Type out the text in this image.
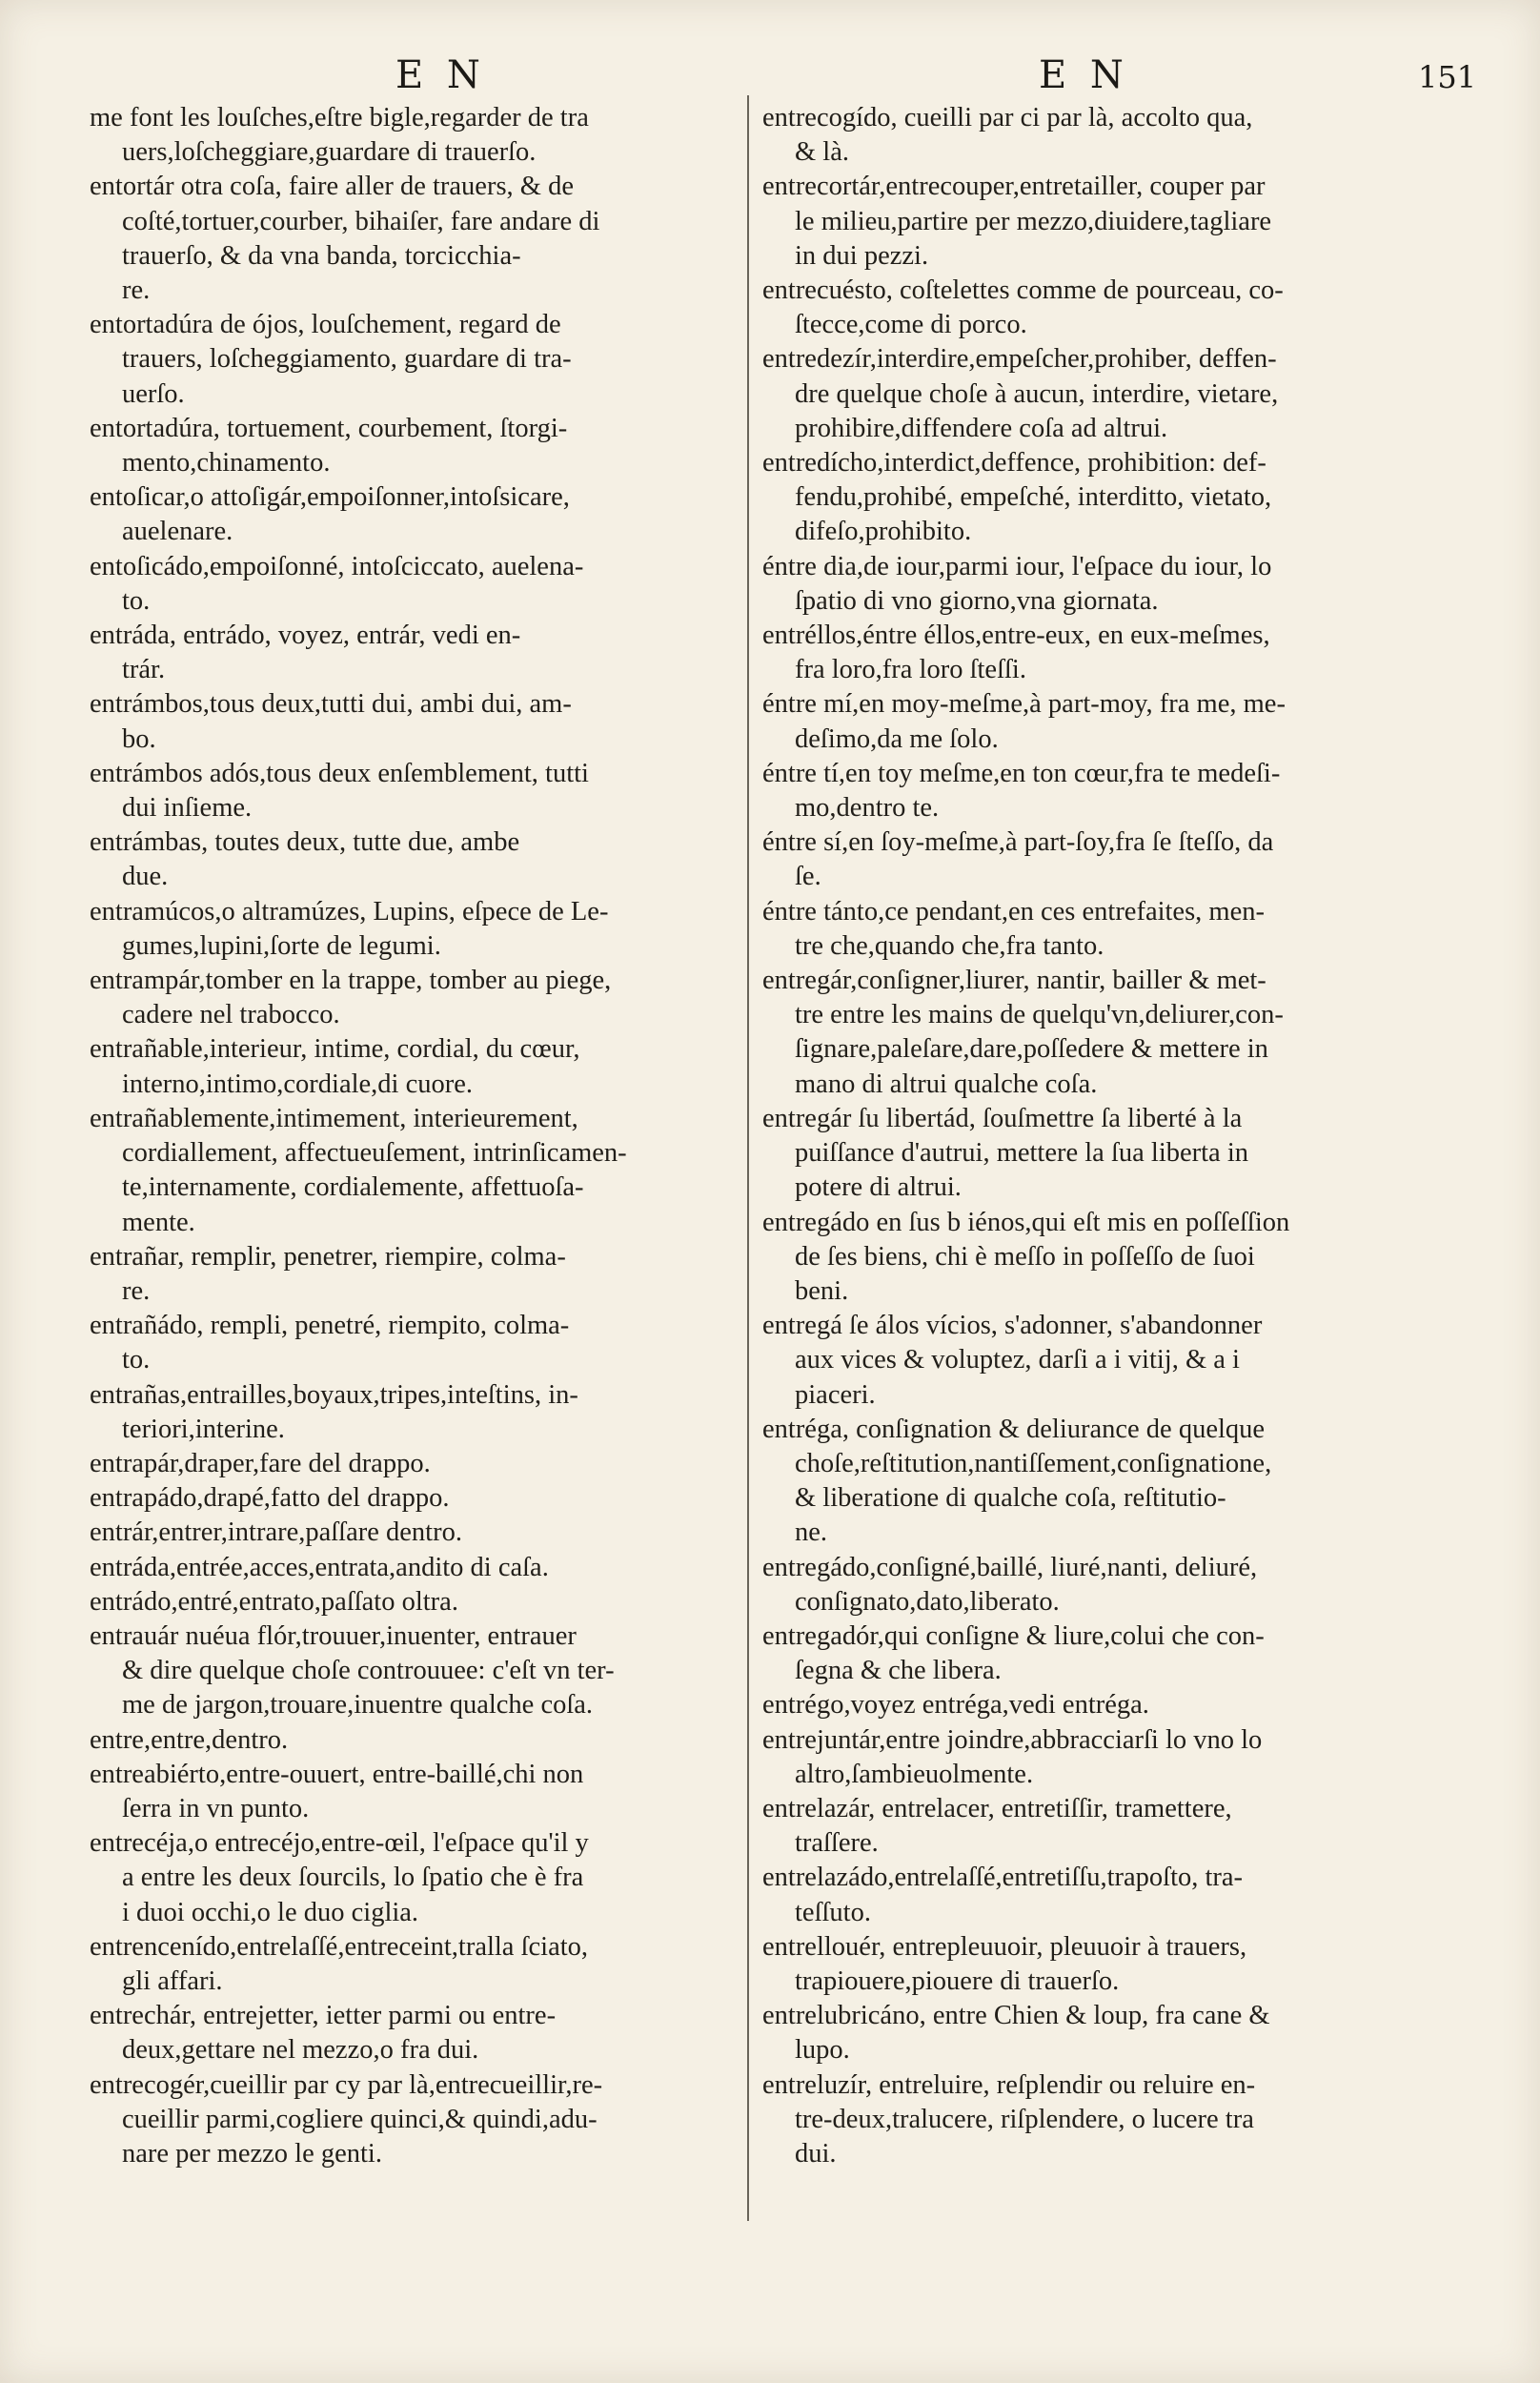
E N	E N	151
me font les louſches,eſtre bigle,regarder de tra
uers,loſcheggiare,guardare di trauerſo.
entortár otra coſa, faire aller de trauers, & de
coſté,tortuer,courber, bihaiſer, fare andare di
trauerſo, & da vna banda, torcicchia-
re.
entortadúra de ójos, louſchement, regard de
trauers, loſcheggiamento, guardare di tra-
uerſo.
entortadúra, tortuement, courbement, ſtorgi-
mento,chinamento.
entoſicar,o attoſigár,empoiſonner,intoſsicare,
auelenare.
entoſicádo,empoiſonné, intoſciccato, auelena-
to.
entráda, entrádo, voyez, entrár, vedi en-
trár.
entrámbos,tous deux,tutti dui, ambi dui, am-
bo.
entrámbos adós,tous deux enſemblement, tutti
dui inſieme.
entrámbas, toutes deux, tutte due, ambe
due.
entramúcos,o altramúzes, Lupins, eſpece de Le-
gumes,lupini,ſorte de legumi.
entrampár,tomber en la trappe, tomber au piege,
cadere nel trabocco.
entrañable,interieur, intime, cordial, du cœur,
interno,intimo,cordiale,di cuore.
entrañablemente,intimement, interieurement,
cordiallement, affectueuſement, intrinſicamen-
te,internamente, cordialemente, affettuoſa-
mente.
entrañar, remplir, penetrer, riempire, colma-
re.
entrañádo, rempli, penetré, riempito, colma-
to.
entrañas,entrailles,boyaux,tripes,inteſtins, in-
teriori,interine.
entrapár,draper,fare del drappo.
entrapádo,drapé,fatto del drappo.
entrár,entrer,intrare,paſſare dentro.
entráda,entrée,acces,entrata,andito di caſa.
entrádo,entré,entrato,paſſato oltra.
entrauár nuéua flór,trouuer,inuenter, entrauer
& dire quelque choſe controuuee: c'eſt vn ter-
me de jargon,trouare,inuentre qualche coſa.
entre,entre,dentro.
entreabiérto,entre-ouuert, entre-baillé,chi non
ſerra in vn punto.
entrecéja,o entrecéjo,entre-œil, l'eſpace qu'il y
a entre les deux ſourcils, lo ſpatio che è fra
i duoi occhi,o le duo ciglia.
entrencenído,entrelaſſé,entreceint,tralla ſciato,
gli affari.
entrechár, entrejetter, ietter parmi ou entre-
deux,gettare nel mezzo,o fra dui.
entrecogér,cueillir par cy par là,entrecueillir,re-
cueillir parmi,cogliere quinci,& quindi,adu-
nare per mezzo le genti.
entrecogído, cueilli par ci par là, accolto qua,
& là.
entrecortár,entrecouper,entretailler, couper par
le milieu,partire per mezzo,diuidere,tagliare
in dui pezzi.
entrecuésto, coſtelettes comme de pourceau, co-
ſtecce,come di porco.
entredezír,interdire,empeſcher,prohiber, deffen-
dre quelque choſe à aucun, interdire, vietare,
prohibire,diffendere coſa ad altrui.
entredícho,interdict,deffence, prohibition: def-
fendu,prohibé, empeſché, interditto, vietato,
difeſo,prohibito.
éntre dia,de iour,parmi iour, l'eſpace du iour, lo
ſpatio di vno giorno,vna giornata.
entréllos,éntre éllos,entre-eux, en eux-meſmes,
fra loro,fra loro ſteſſi.
éntre mí,en moy-meſme,à part-moy, fra me, me-
deſimo,da me ſolo.
éntre tí,en toy meſme,en ton cœur,fra te medeſi-
mo,dentro te.
éntre sí,en ſoy-meſme,à part-ſoy,fra ſe ſteſſo, da
ſe.
éntre tánto,ce pendant,en ces entrefaites, men-
tre che,quando che,fra tanto.
entregár,conſigner,liurer, nantir, bailler & met-
tre entre les mains de quelqu'vn,deliurer,con-
ſignare,paleſare,dare,poſſedere & mettere in
mano di altrui qualche coſa.
entregár ſu libertád, ſouſmettre ſa liberté à la
puiſſance d'autrui, mettere la ſua liberta in
potere di altrui.
entregádo en ſus b iénos,qui eſt mis en poſſeſſion
de ſes biens, chi è meſſo in poſſeſſo de ſuoi
beni.
entregá ſe álos vícios, s'adonner, s'abandonner
aux vices & voluptez, darſi a i vitij, & a i
piaceri.
entréga, conſignation & deliurance de quelque
choſe,reſtitution,nantiſſement,conſignatione,
& liberatione di qualche coſa, reſtitutio-
ne.
entregádo,conſigné,baillé, liuré,nanti, deliuré,
conſignato,dato,liberato.
entregadór,qui conſigne & liure,colui che con-
ſegna & che libera.
entrégo,voyez entréga,vedi entréga.
entrejuntár,entre joindre,abbracciarſi lo vno lo
altro,ſambieuolmente.
entrelazár, entrelacer, entretiſſir, tramettere,
traſſere.
entrelazádo,entrelaſſé,entretiſſu,trapoſto, tra-
teſſuto.
entrellouér, entrepleuuoir, pleuuoir à trauers,
trapiouere,piouere di trauerſo.
entrelubricáno, entre Chien & loup, fra cane &
lupo.
entreluzír, entreluire, reſplendir ou reluire en-
tre-deux,tralucere, riſplendere, o lucere tra
dui.
